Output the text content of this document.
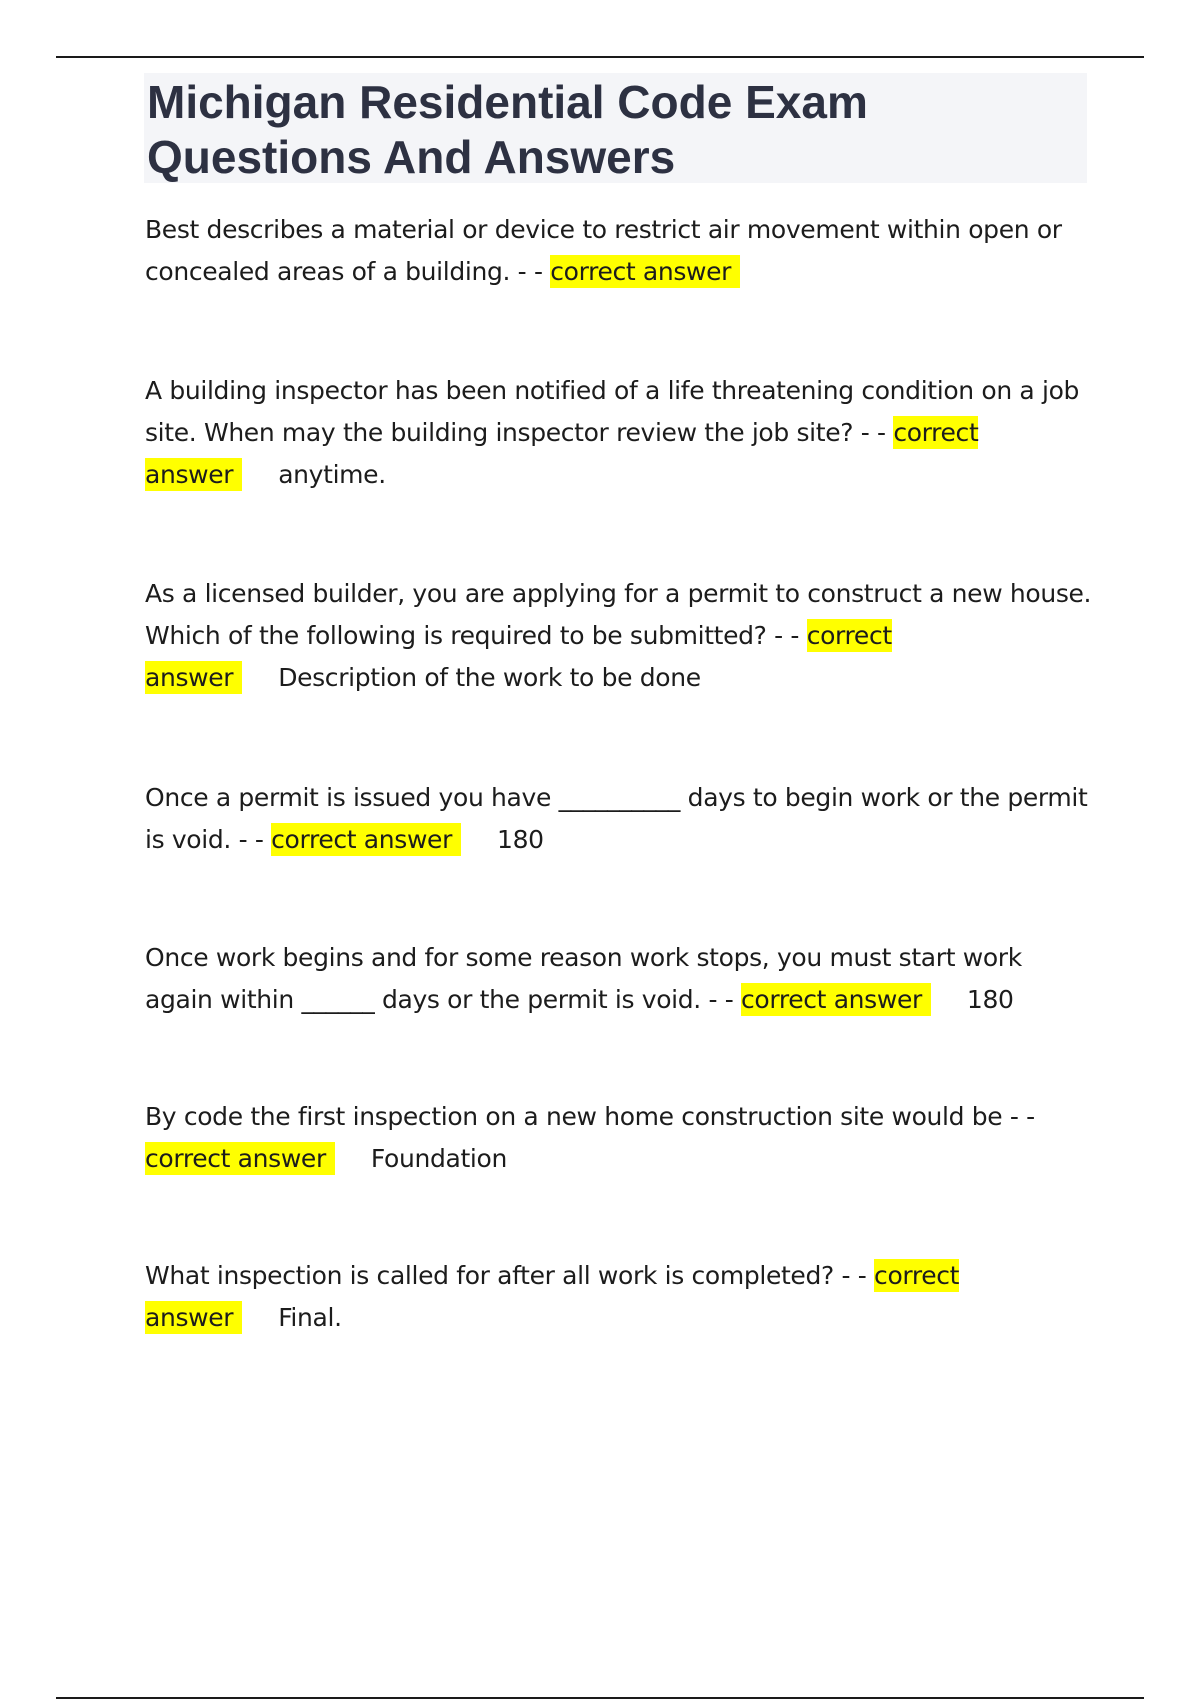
Michigan Residential Code Exam
Questions And Answers

Best describes a material or device to restrict air movement within open or concealed areas of a building. - - correct answer

A building inspector has been notified of a life threatening condition on a job site. When may the building inspector review the job site? - - correct answer anytime.

As a licensed builder, you are applying for a permit to construct a new house. Which of the following is required to be submitted? - - correct answer Description of the work to be done

Once a permit is issued you have __________ days to begin work or the permit is void. - - correct answer 180

Once work begins and for some reason work stops, you must start work again within ______ days or the permit is void. - - correct answer 180

By code the first inspection on a new home construction site would be - - correct answer Foundation

What inspection is called for after all work is completed? - - correct answer Final.
